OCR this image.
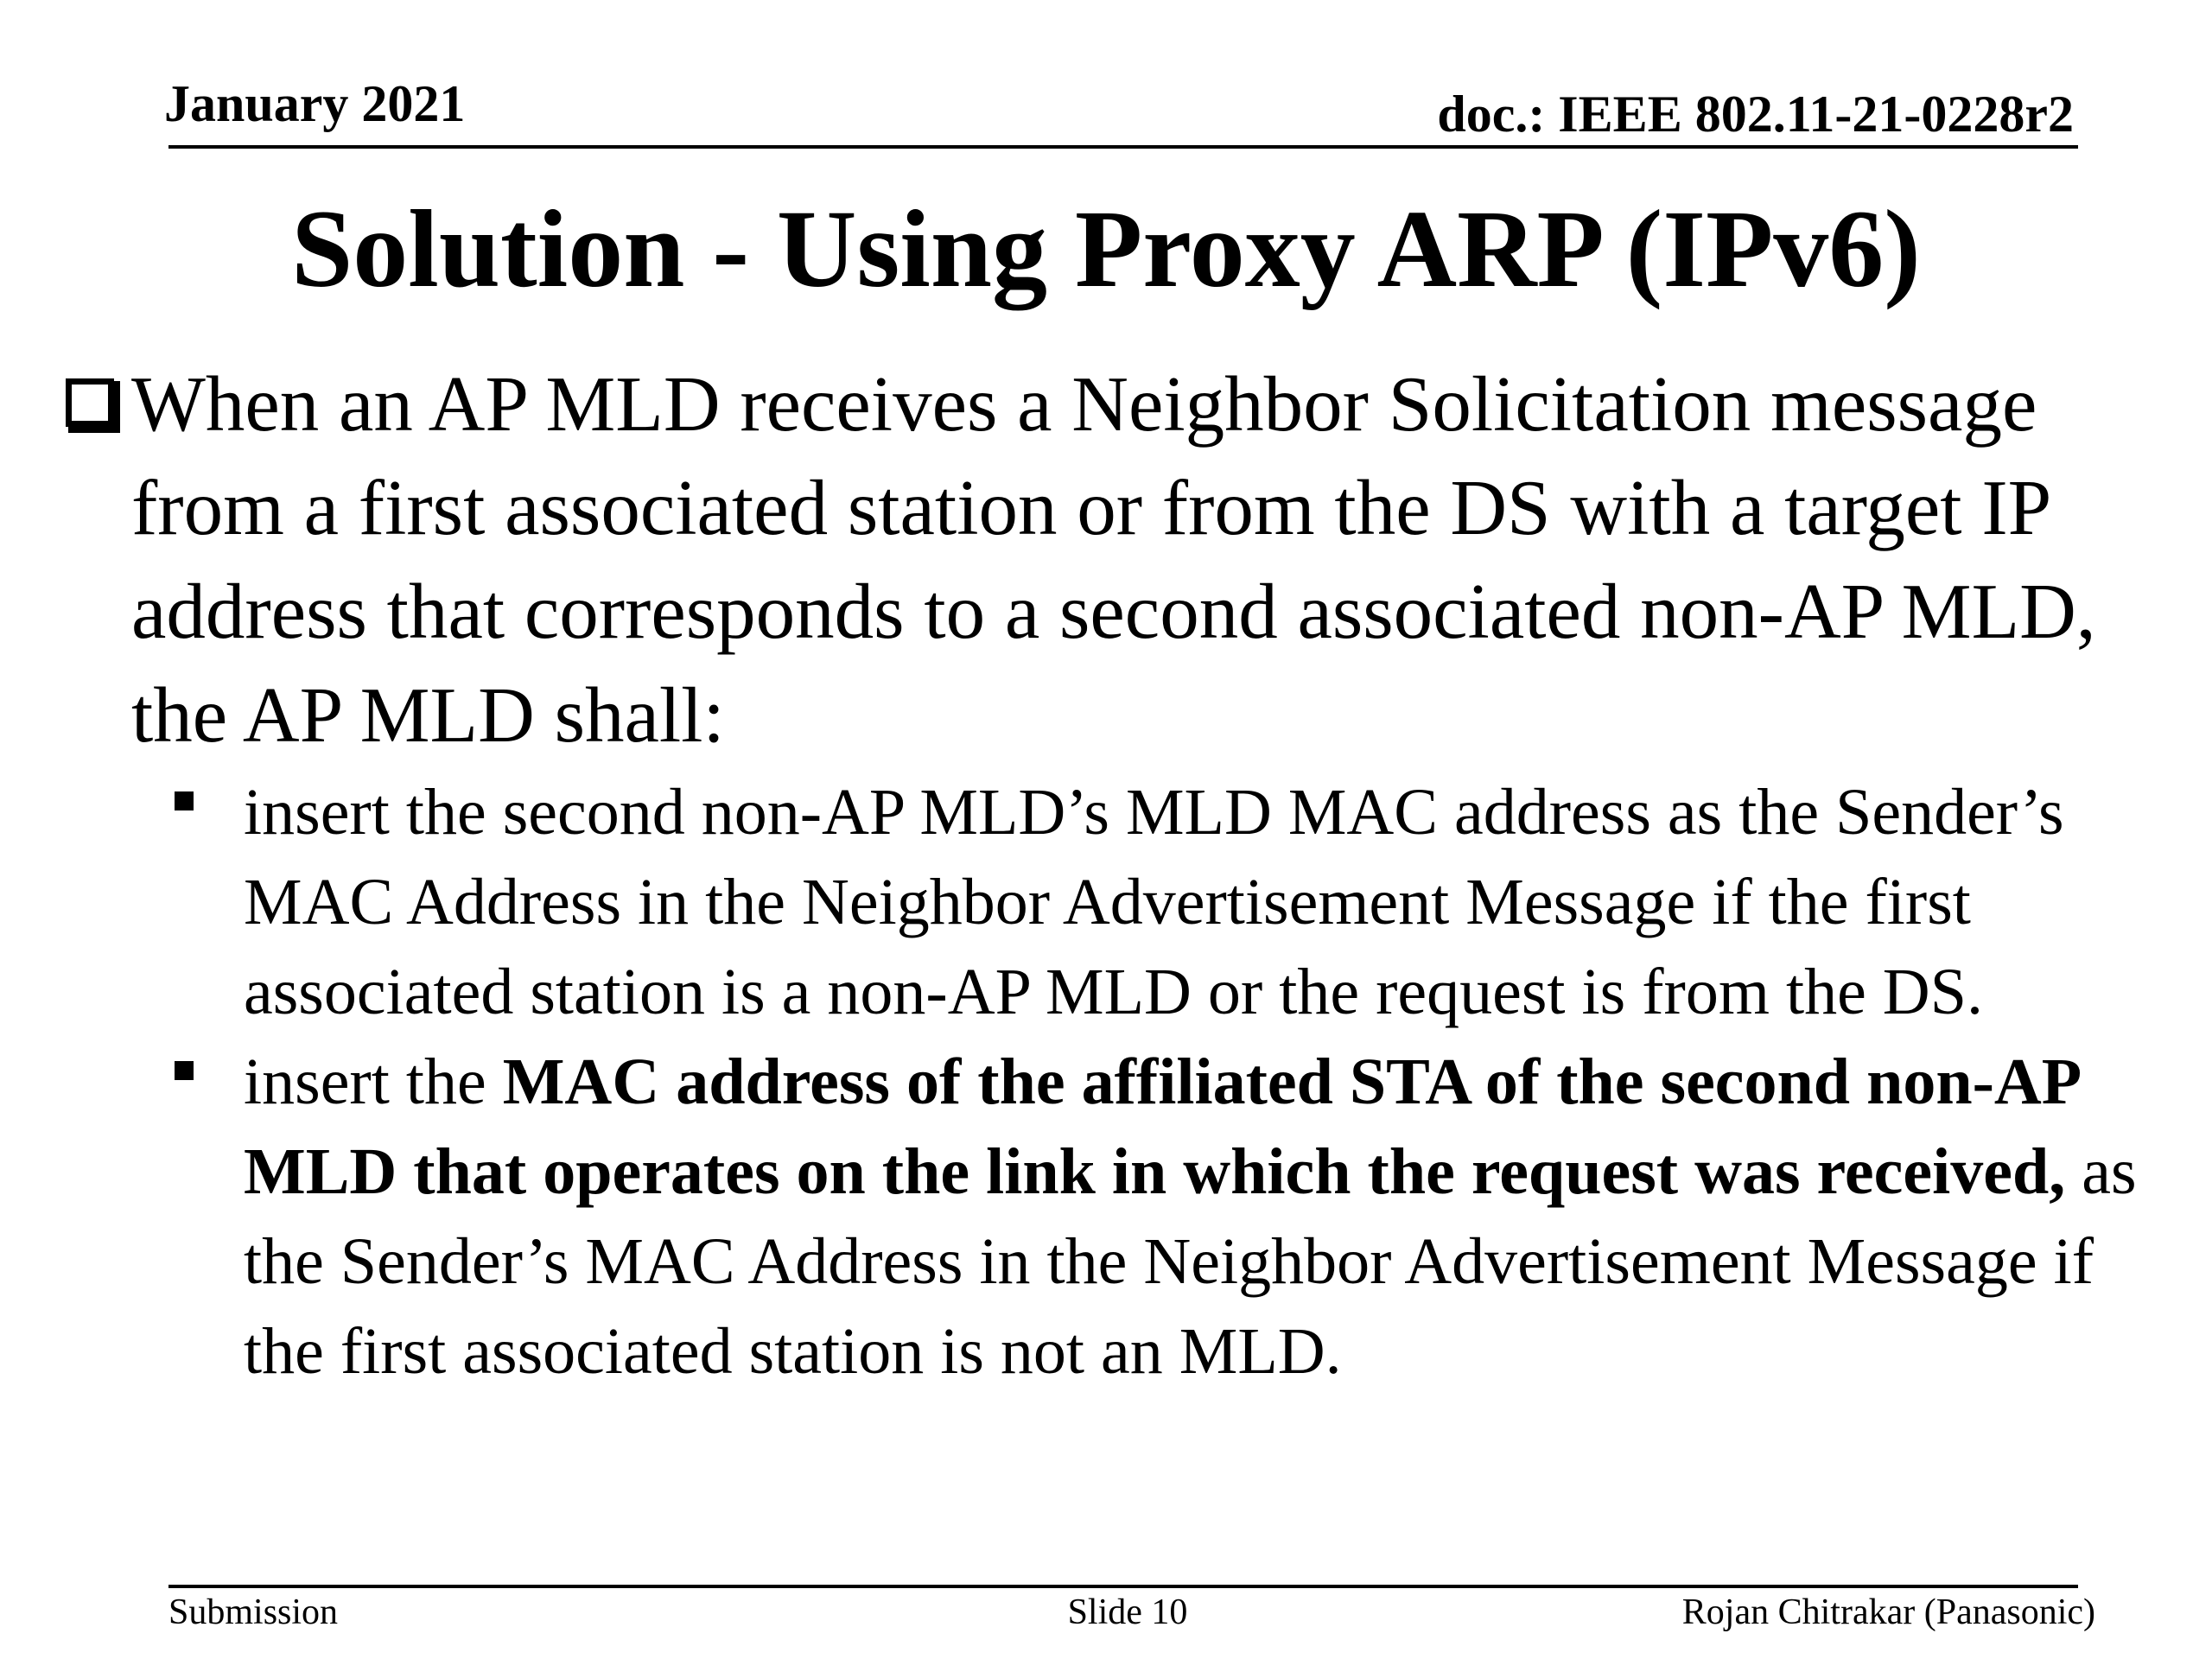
January 2021	doc.: IEEE 802.11-21-0228r2
Solution - Using Proxy ARP (IPv6)
When an AP MLD receives a Neighbor Solicitation message from a first associated station or from the DS with a target IP address that corresponds to a second associated non-AP MLD, the AP MLD shall:
insert the second non-AP MLD’s MLD MAC address as the Sender’s MAC Address in the Neighbor Advertisement Message if the first associated station is a non-AP MLD or the request is from the DS.
insert the MAC address of the affiliated STA of the second non-AP MLD that operates on the link in which the request was received, as the Sender’s MAC Address in the Neighbor Advertisement Message if the first associated station is not an MLD.
Submission	Slide 10	Rojan Chitrakar (Panasonic)
